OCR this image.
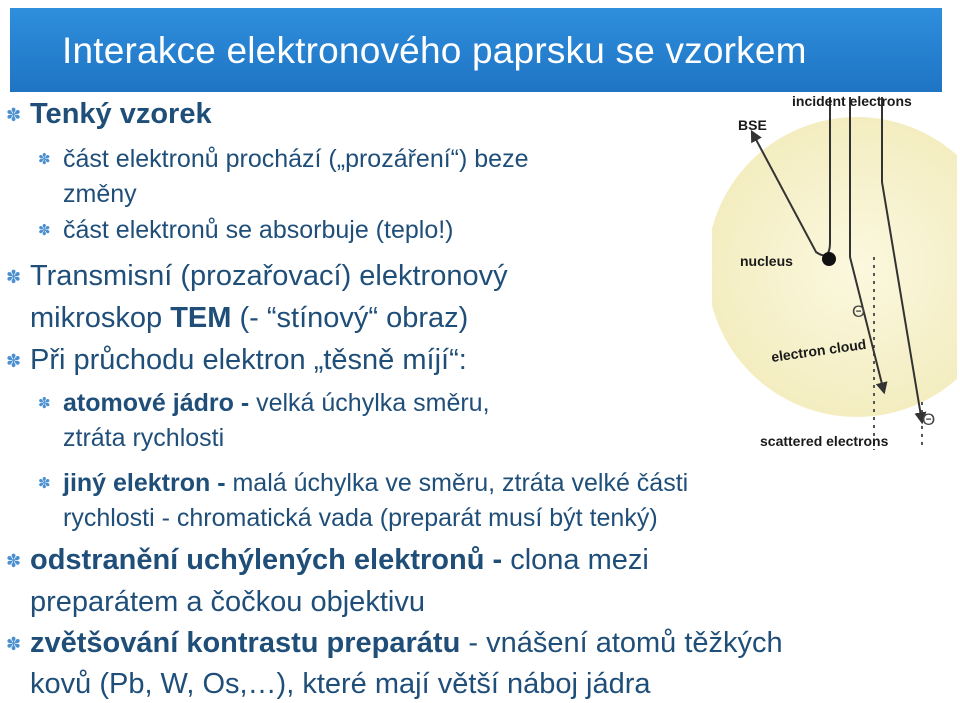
Interakce elektronového paprsku se vzorkem
✽ Tenký vzorek
✽ část elektronů prochází („prozáření“) beze
změny
✽ část elektronů se absorbuje (teplo!)
✽ Transmisní (prozařovací) elektronový
mikroskop TEM (- “stínový“ obraz)
✽ Při průchodu elektron „těsně míjí“:
✽ atomové jádro - velká úchylka směru,
ztráta rychlosti
✽ jiný elektron - malá úchylka ve směru, ztráta velké části
rychlosti - chromatická vada (preparát musí být tenký)
✽ odstranění uchýlených elektronů - clona mezi
preparátem a čočkou objektivu
✽ zvětšování kontrastu preparátu - vnášení atomů těžkých
kovů (Pb, W, Os,…), které mají větší náboj jádra
incident electrons
BSE
nucleus
Θ
Θ
electron cloud
scattered electrons
